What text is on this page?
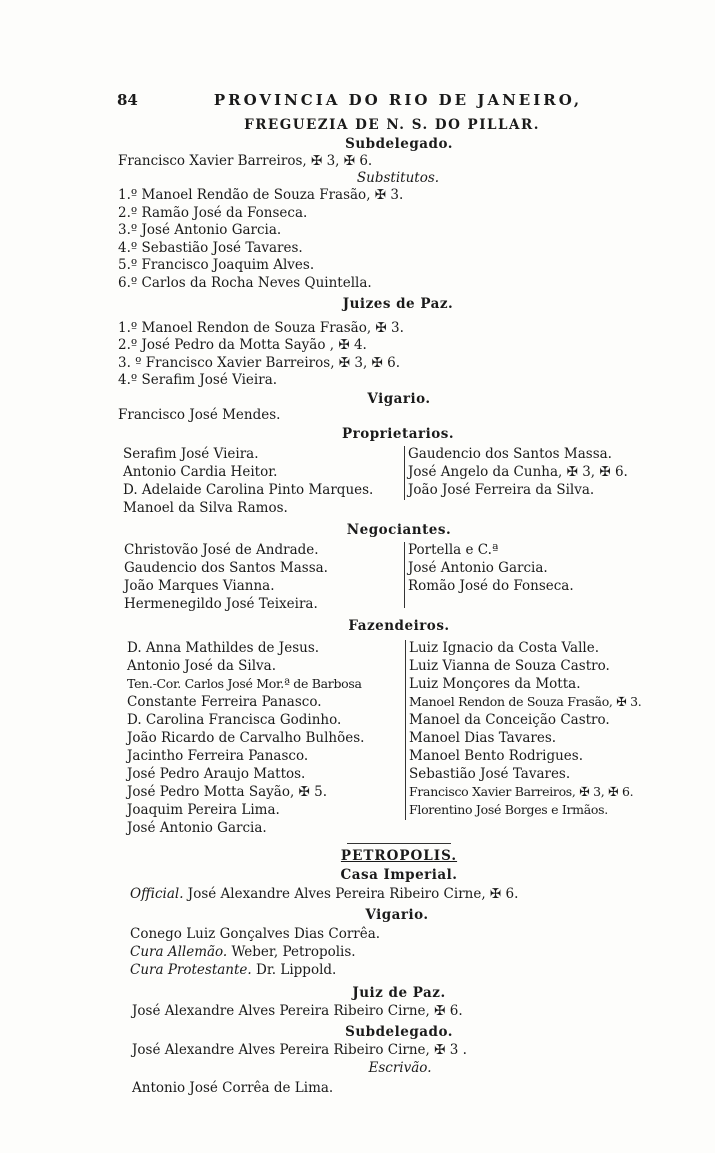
84	PROVINCIA DO RIO DE JANEIRO,
FREGUEZIA DE N. S. DO PILLAR.
Subdelegado.
Francisco Xavier Barreiros, ✠ 3, ✠ 6.
Substitutos.
1.º Manoel Rendão de Souza Frasão, ✠ 3.
2.º Ramão José da Fonseca.
3.º José Antonio Garcia.
4.º Sebastião José Tavares.
5.º Francisco Joaquim Alves.
6.º Carlos da Rocha Neves Quintella.
Juizes de Paz.
1.º Manoel Rendon de Souza Frasão, ✠ 3.
2.º José Pedro da Motta Sayão , ✠ 4.
3. º Francisco Xavier Barreiros, ✠ 3, ✠ 6.
4.º Serafim José Vieira.
Vigario.
Francisco José Mendes.
Proprietarios.
Serafim José Vieira.
Antonio Cardia Heitor.
D. Adelaide Carolina Pinto Marques.
Manoel da Silva Ramos.
Gaudencio dos Santos Massa.
José Angelo da Cunha, ✠ 3, ✠ 6.
João José Ferreira da Silva.
Negociantes.
Christovão José de Andrade.
Gaudencio dos Santos Massa.
João Marques Vianna.
Hermenegildo José Teixeira.
Portella e C.ª
José Antonio Garcia.
Romão José do Fonseca.
Fazendeiros.
D. Anna Mathildes de Jesus.
Antonio José da Silva.
Ten.-Cor. Carlos José Mor.ª de Barbosa
Constante Ferreira Panasco.
D. Carolina Francisca Godinho.
João Ricardo de Carvalho Bulhões.
Jacintho Ferreira Panasco.
José Pedro Araujo Mattos.
José Pedro Motta Sayão, ✠ 5.
Joaquim Pereira Lima.
José Antonio Garcia.
Luiz Ignacio da Costa Valle.
Luiz Vianna de Souza Castro.
Luiz Monçores da Motta.
Manoel Rendon de Souza Frasão, ✠ 3.
Manoel da Conceição Castro.
Manoel Dias Tavares.
Manoel Bento Rodrigues.
Sebastião José Tavares.
Francisco Xavier Barreiros, ✠ 3, ✠ 6.
Florentino José Borges e Irmãos.
PETROPOLIS.
Casa Imperial.
Official. José Alexandre Alves Pereira Ribeiro Cirne, ✠ 6.
Vigario.
Conego Luiz Gonçalves Dias Corrêa.
Cura Allemão. Weber, Petropolis.
Cura Protestante. Dr. Lippold.
Juiz de Paz.
José Alexandre Alves Pereira Ribeiro Cirne, ✠ 6.
Subdelegado.
José Alexandre Alves Pereira Ribeiro Cirne, ✠ 3 .
Escrivão.
Antonio José Corrêa de Lima.
